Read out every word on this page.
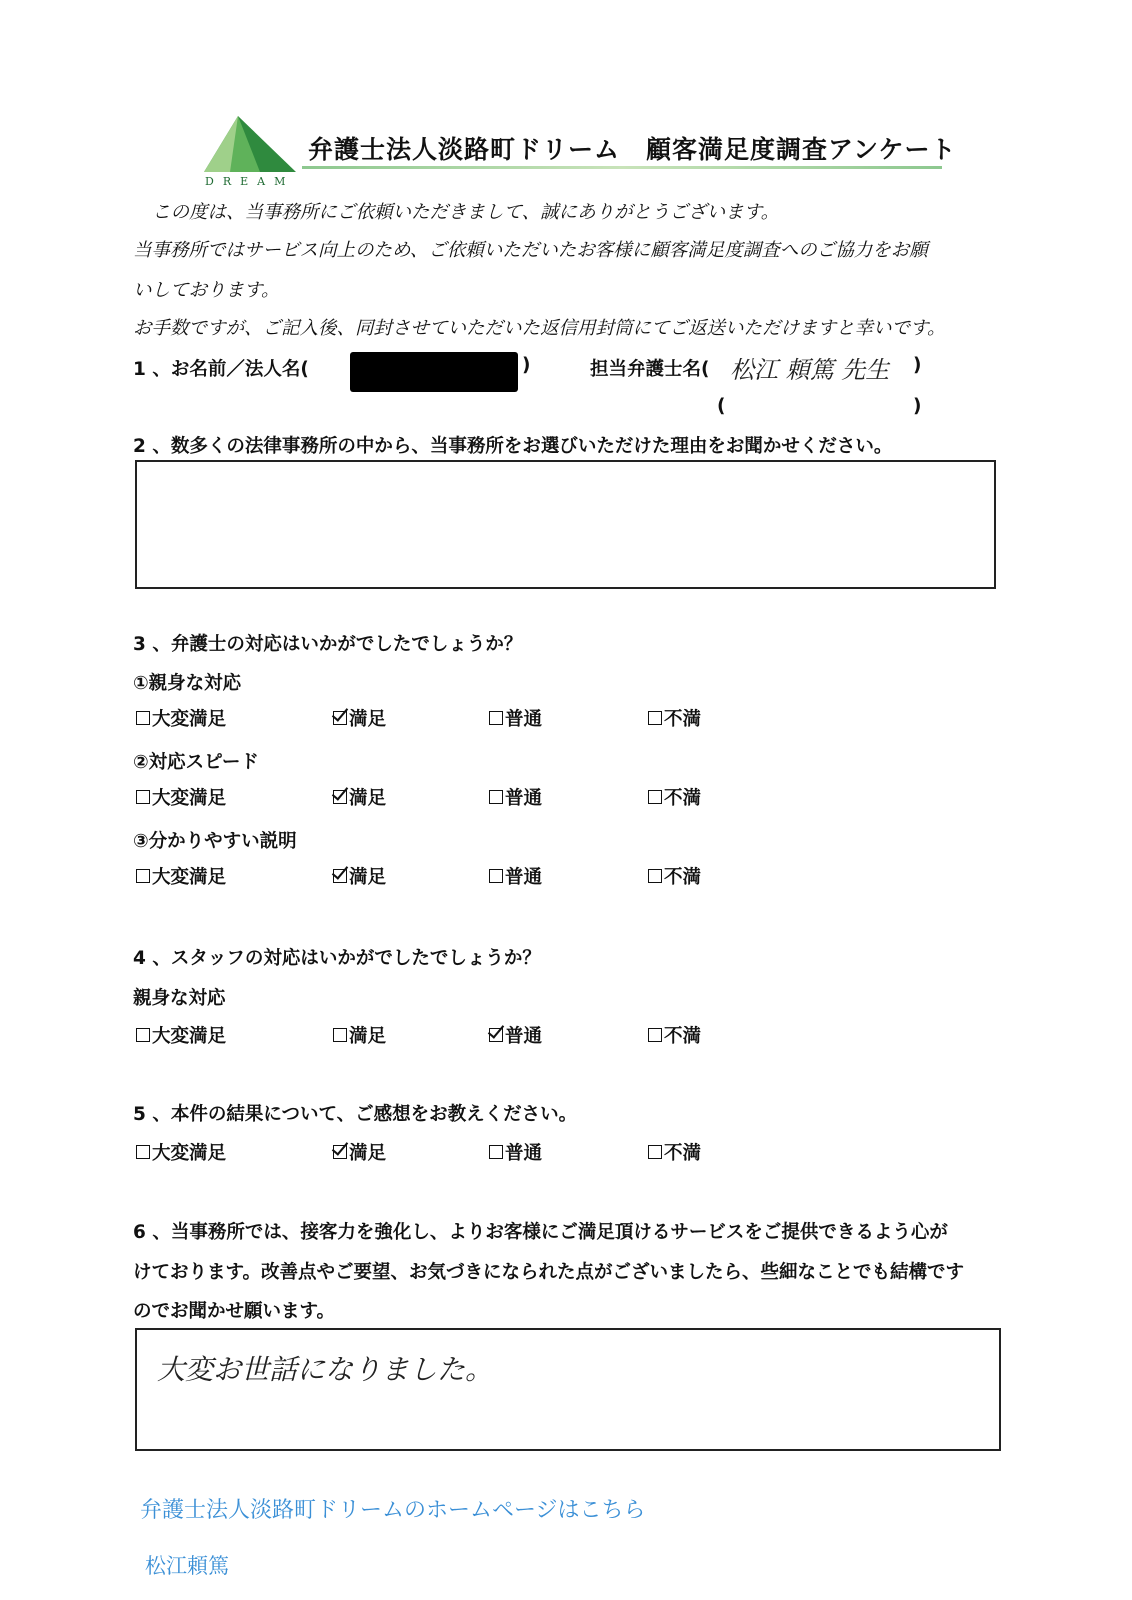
DREAM
弁護士法人淡路町ドリーム　顧客満足度調査アンケート
この度は、当事務所にご依頼いただきまして、誠にありがとうございます。
当事務所ではサービス向上のため、ご依頼いただいたお客様に顧客満足度調査へのご協力をお願
いしております。
お手数ですが、ご記入後、同封させていただいた返信用封筒にてご返送いただけますと幸いです。
1 、お名前／法人名(	)	担当弁護士名( 松江 頼篤 先生 )
(	)
2 、数多くの法律事務所の中から、当事務所をお選びいただけた理由をお聞かせください。
3 、弁護士の対応はいかがでしたでしょうか？
①親身な対応
大変満足	満足	普通	不満
②対応スピード
大変満足	満足	普通	不満
③分かりやすい説明
大変満足	満足	普通	不満
4 、スタッフの対応はいかがでしたでしょうか？
親身な対応
大変満足	満足	普通	不満
5 、本件の結果について、ご感想をお教えください。
大変満足	満足	普通	不満
6 、当事務所では、接客力を強化し、よりお客様にご満足頂けるサービスをご提供できるよう心が
けております。改善点やご要望、お気づきになられた点がございましたら、些細なことでも結構です
のでお聞かせ願います。
大変お世話になりました。
弁護士法人淡路町ドリームのホームページはこちら
松江頼篤
